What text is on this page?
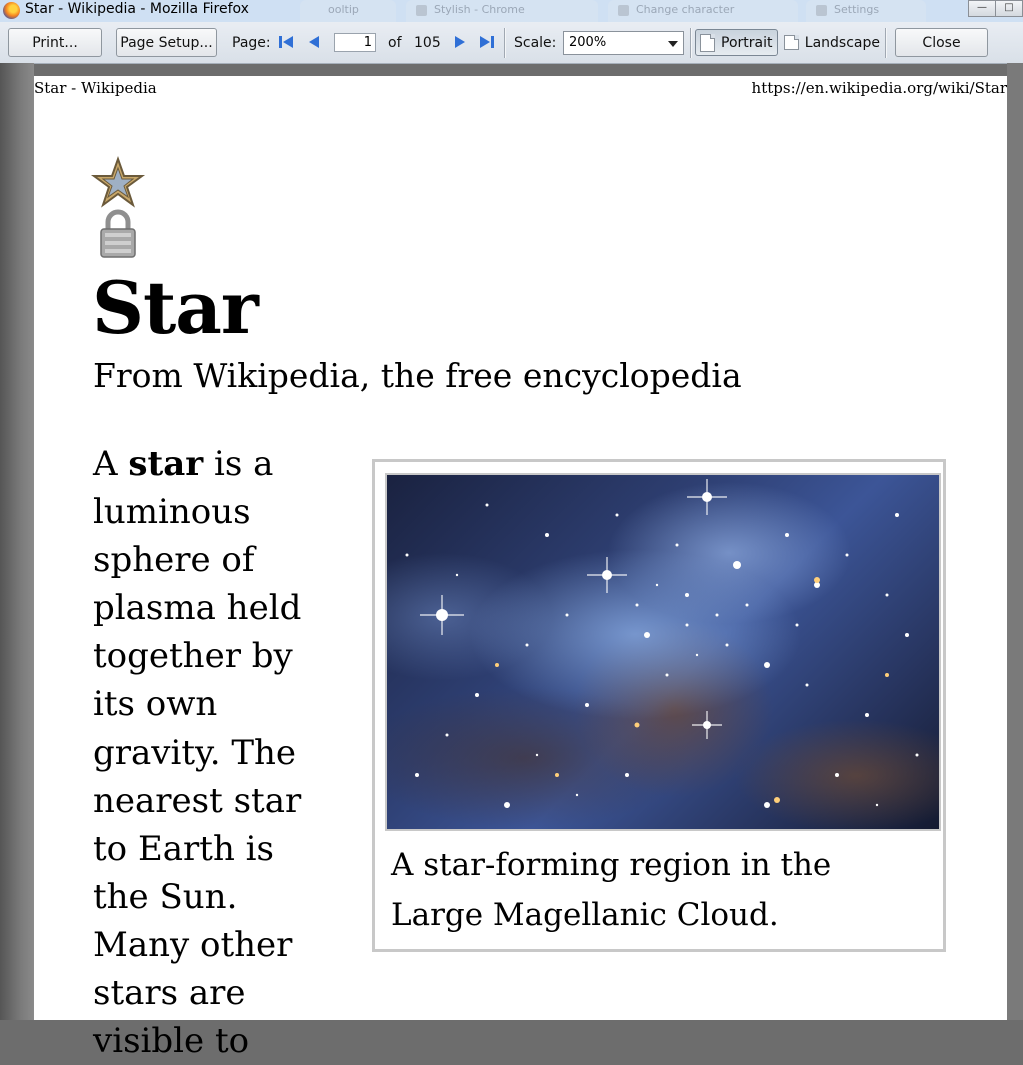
ooltip	Stylish - Chrome	Change character	Settings
Star - Wikipedia - Mozilla Firefox	—	□
Print...	Page Setup...	Page:	1 of 105	Scale: 200%	Portrait Landscape	Close
Star - Wikipedia	https://en.wikipedia.org/wiki/Star
Star
From Wikipedia, the free encyclopedia
A star is a luminous sphere of plasma held together by its own gravity. The nearest star to Earth is the Sun. Many other stars are visible to
A star-forming region in the Large Magellanic Cloud.
